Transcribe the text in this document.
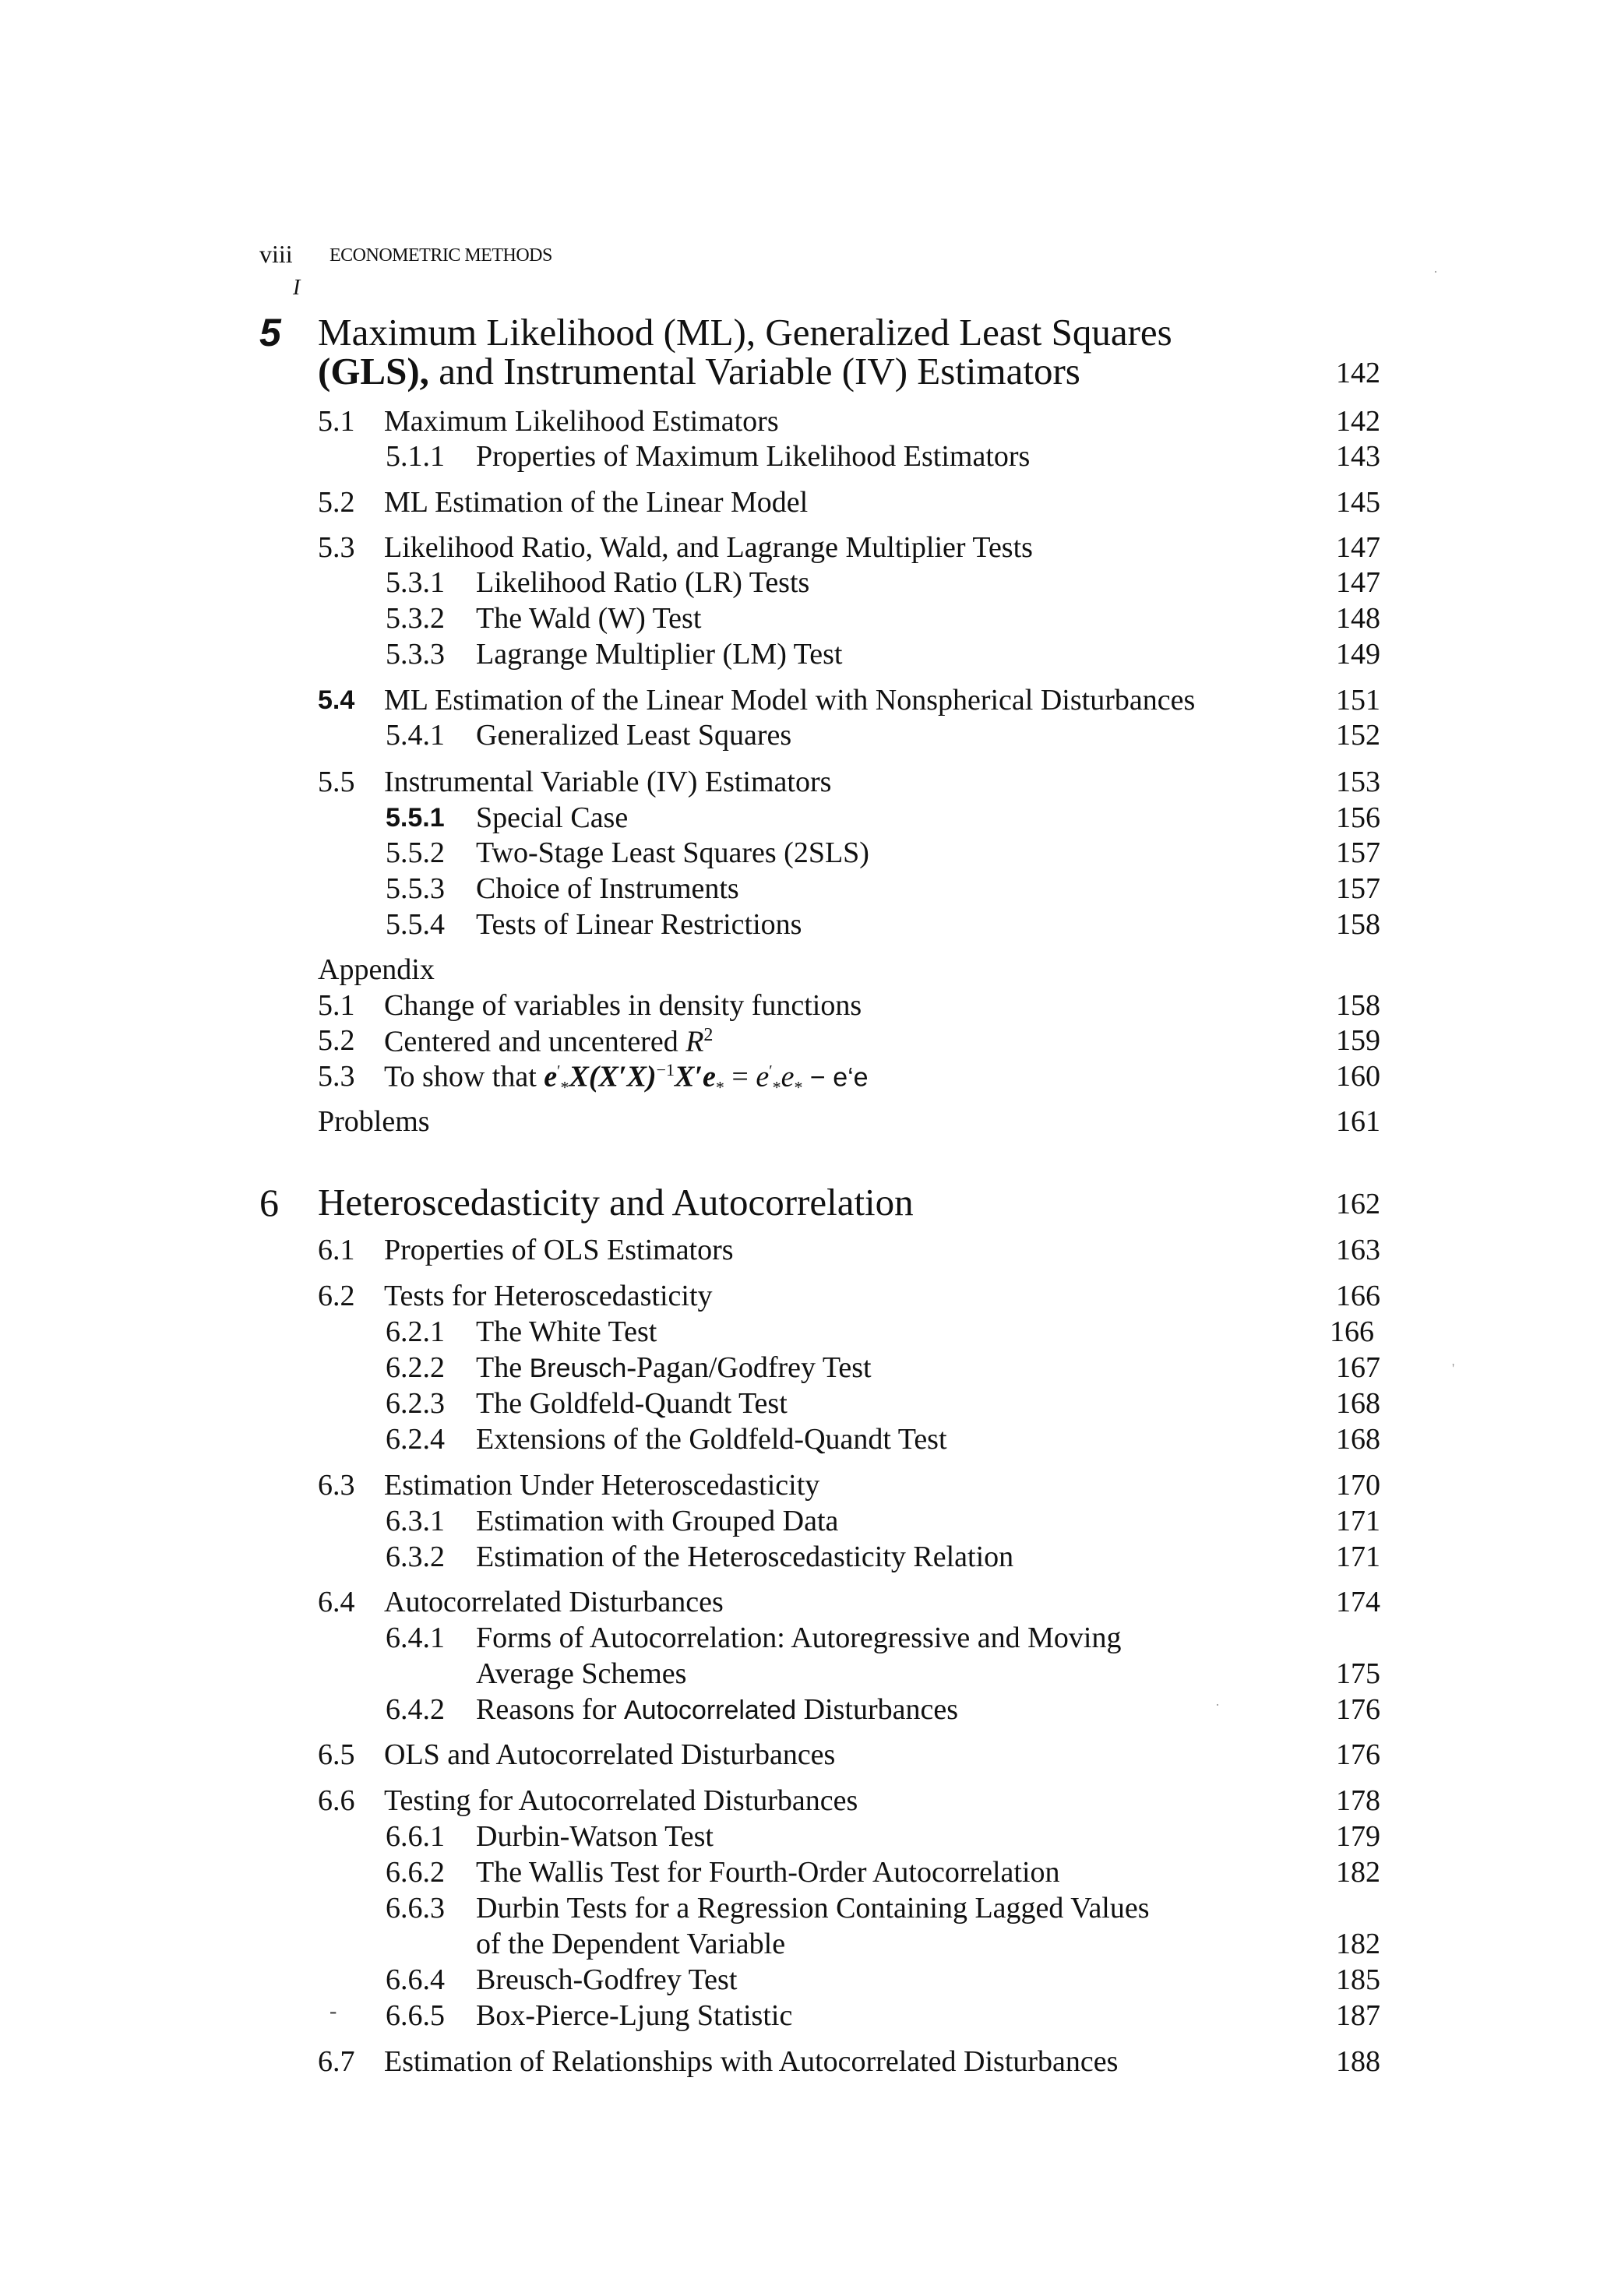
viii ECONOMETRIC METHODS
I
5 Maximum Likelihood (ML), Generalized Least Squares
(GLS), and Instrumental Variable (IV) Estimators	142
5.1 Maximum Likelihood Estimators	142
5.1.1 Properties of Maximum Likelihood Estimators	143
5.2 ML Estimation of the Linear Model	145
5.3 Likelihood Ratio, Wald, and Lagrange Multiplier Tests	147
5.3.1 Likelihood Ratio (LR) Tests	147
5.3.2 The Wald (W) Test	148
5.3.3 Lagrange Multiplier (LM) Test	149
5.4 ML Estimation of the Linear Model with Nonspherical Disturbances	151
5.4.1 Generalized Least Squares	152
5.5 Instrumental Variable (IV) Estimators	153
5.5.1 Special Case	156
5.5.2 Two-Stage Least Squares (2SLS)	157
5.5.3 Choice of Instruments	157
5.5.4 Tests of Linear Restrictions	158
Appendix
5.1 Change of variables in density functions	158
5.2 Centered and uncentered $R^2$	159
5.3 To show that $e'_*X(X'X)^{-1}X'e_* = e'_*e_*$ − e‘e	160
Problems	161
6 Heteroscedasticity and Autocorrelation	162
6.1 Properties of OLS Estimators	163
6.2 Tests for Heteroscedasticity	166
6.2.1 The White Test	166
6.2.2 The Breusch-Pagan/Godfrey Test	167
6.2.3 The Goldfeld-Quandt Test	168
6.2.4 Extensions of the Goldfeld-Quandt Test	168
6.3 Estimation Under Heteroscedasticity	170
6.3.1 Estimation with Grouped Data	171
6.3.2 Estimation of the Heteroscedasticity Relation	171
6.4 Autocorrelated Disturbances	174
6.4.1 Forms of Autocorrelation: Autoregressive and Moving
Average Schemes	175
6.4.2 Reasons for Autocorrelated Disturbances	176
6.5 OLS and Autocorrelated Disturbances	176
6.6 Testing for Autocorrelated Disturbances	178
6.6.1 Durbin-Watson Test	179
6.6.2 The Wallis Test for Fourth-Order Autocorrelation	182
6.6.3 Durbin Tests for a Regression Containing Lagged Values
of the Dependent Variable	182
6.6.4 Breusch-Godfrey Test	185
6.6.5 Box-Pierce-Ljung Statistic	187
6.7 Estimation of Relationships with Autocorrelated Disturbances	188
'
-
·
·
